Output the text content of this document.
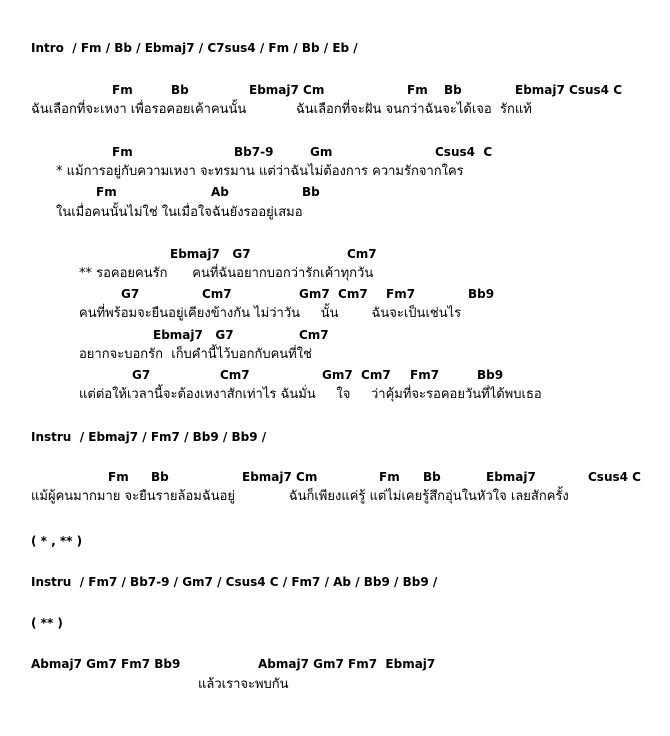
Intro  / Fm / Bb / Ebmaj7 / C7sus4 / Fm / Bb / Eb /
Fm	Bb	Ebmaj7 Cm	Fm Bb	Ebmaj7 Csus4 C
ฉันเลือกที่จะเหงา เพื่อรอคอยเค้าคนนั้น            ฉันเลือกที่จะฝัน จนกว่าฉันจะได้เจอ  รักแท้
Fm	Bb7-9	Gm	Csus4  C
* แม้การอยู่กับความเหงา จะทรมาน แต่ว่าฉันไม่ต้องการ ความรักจากใคร
Fm	Ab	Bb
ในเมื่อคนนั้นไม่ใช่ ในเมื่อใจฉันยังรออยู่เสมอ
Ebmaj7   G7	Cm7
** รอคอยคนรัก      คนที่ฉันอยากบอกว่ารักเค้าทุกวัน
G7	Cm7	Gm7  Cm7 Fm7	Bb9
คนที่พร้อมจะยืนอยู่เคียงข้างกัน ไม่ว่าวัน     นั้น        ฉันจะเป็นเช่นไร
Ebmaj7   G7	Cm7
อยากจะบอกรัก  เก็บคำนี้ไว้บอกกับคนที่ใช่
G7	Cm7	Gm7  Cm7 Fm7	Bb9
แต่ต่อให้เวลานี้จะต้องเหงาสักเท่าไร ฉันมั่น     ใจ     ว่าคุ้มที่จะรอคอยวันที่ได้พบเธอ
Instru  / Ebmaj7 / Fm7 / Bb9 / Bb9 /
Fm Bb	Ebmaj7 Cm	Fm Bb	Ebmaj7	Csus4 C
แม้ผู้คนมากมาย จะยืนรายล้อมฉันอยู่             ฉันก็เพียงแค่รู้ แต่ไม่เคยรู้สึกอุ่นในหัวใจ เลยสักครั้ง
( * , ** )
Instru  / Fm7 / Bb7-9 / Gm7 / Csus4 C / Fm7 / Ab / Bb9 / Bb9 /
( ** )
Abmaj7 Gm7 Fm7 Bb9	Abmaj7 Gm7 Fm7  Ebmaj7
แล้วเราจะพบกัน
